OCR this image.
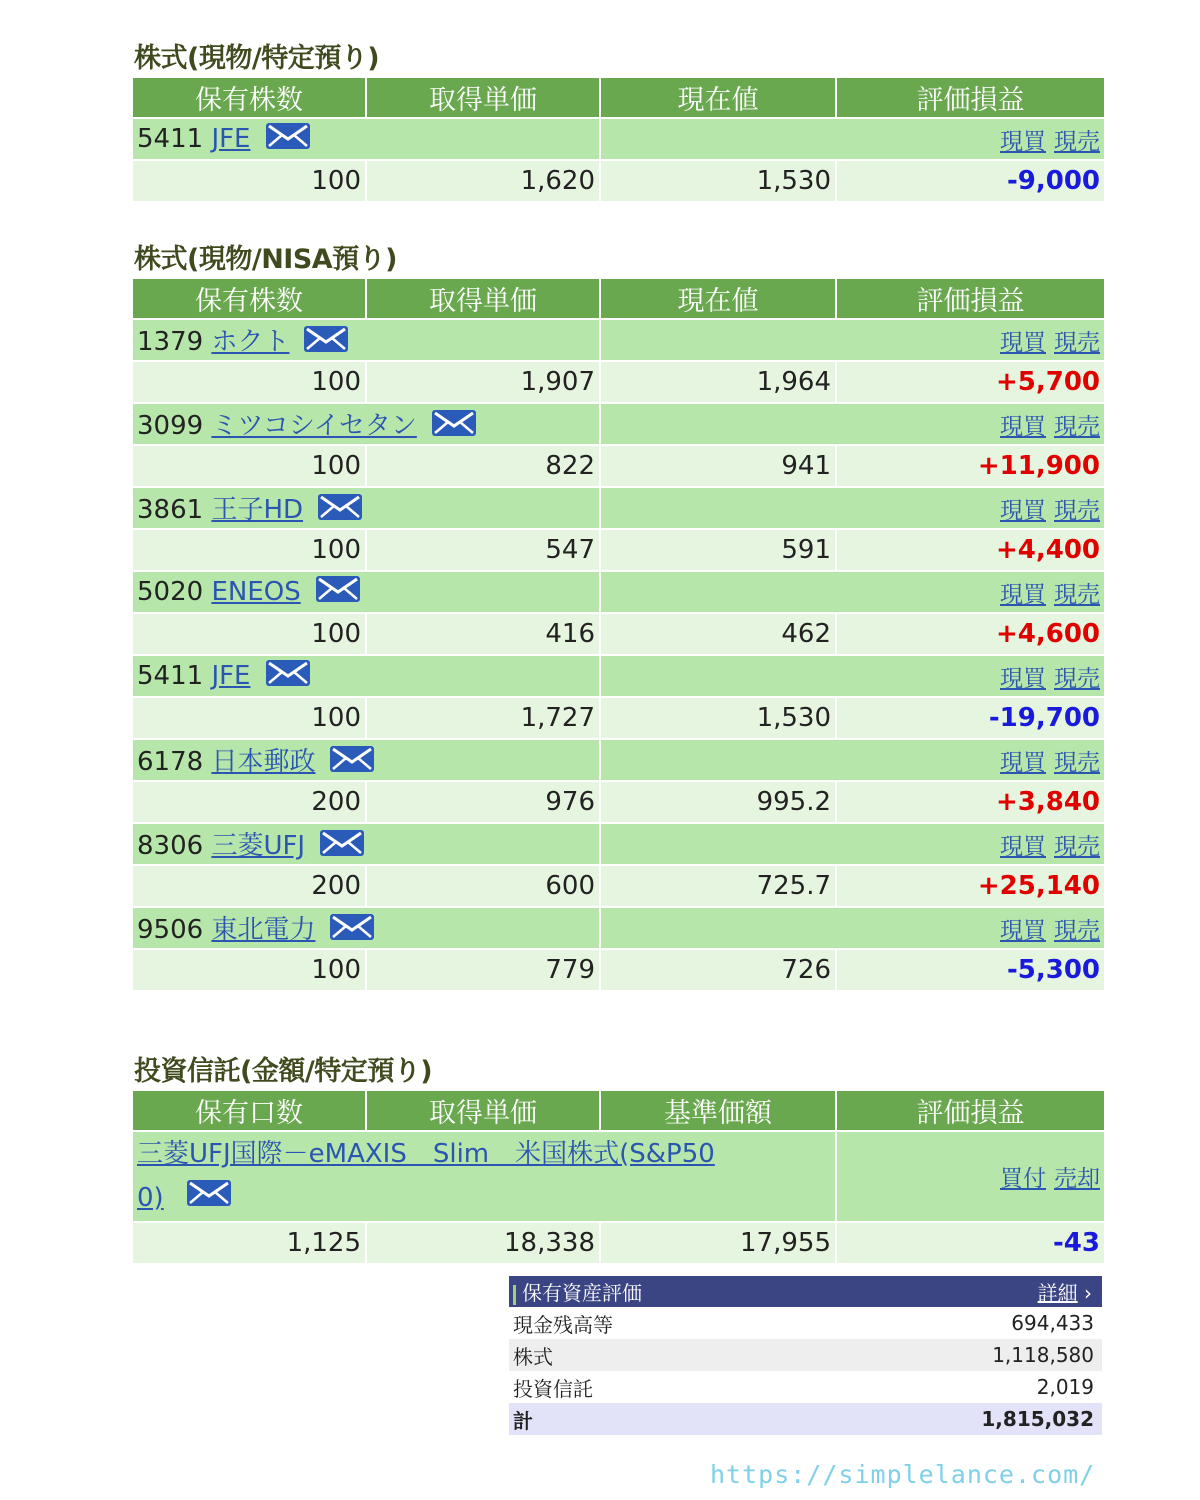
株式(現物/特定預り)
保有株数	取得単価	現在値	評価損益
5411 JFE		現買 現売	
100	1,620	1,530	-9,000
株式(現物/NISA預り)
保有株数	取得単価	現在値	評価損益
1379 ホクト		現買 現売	
100	1,907	1,964	+5,700
3099 ミツコシイセタン		現買 現売	
100	822	941	+11,900
3861 王子HD		現買 現売	
100	547	591	+4,400
5020 ENEOS		現買 現売	
100	416	462	+4,600
5411 JFE		現買 現売	
100	1,727	1,530	-19,700
6178 日本郵政		現買 現売	
200	976	995.2	+3,840
8306 三菱UFJ		現買 現売	
200	600	725.7	+25,140
9506 東北電力		現買 現売	
100	779	726	-5,300
投資信託(金額/特定預り)
保有口数	取得単価	基準価額	評価損益
三菱UFJ国際－eMAXIS　Slim　米国株式(S&P50
0)			買付 売却
1,125	18,338	17,955	-43
保有資産評価	詳細 ›
現金残高等	694,433
株式	1,118,580
投資信託	2,019
計	1,815,032
https://simplelance.com/
